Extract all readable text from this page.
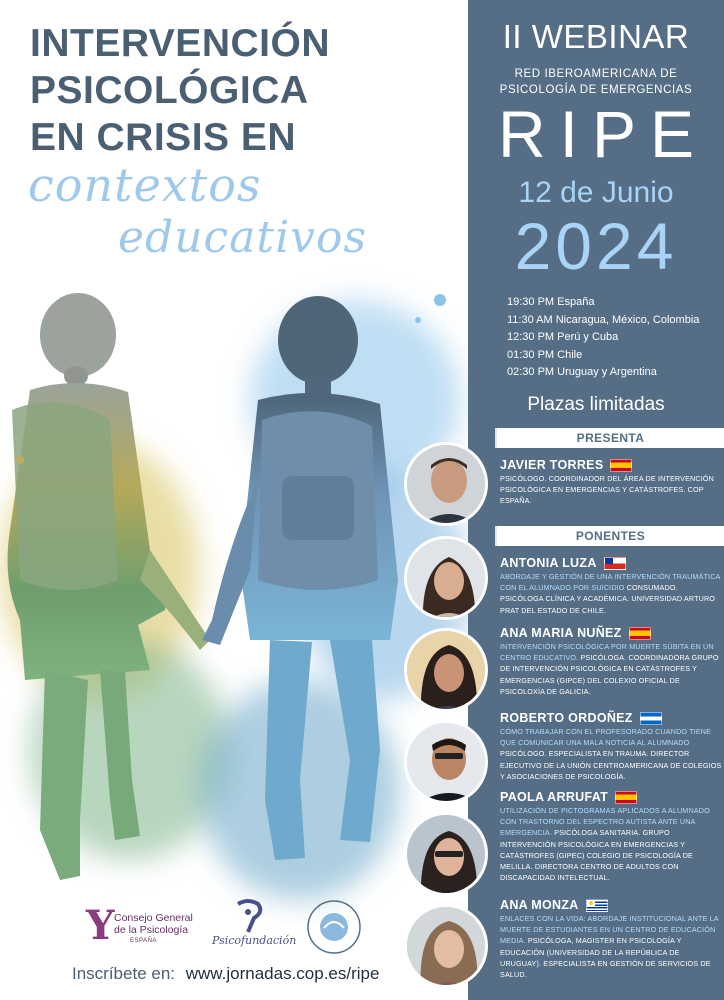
INTERVENCIÓN
PSICOLÓGICA
EN CRISIS EN
contextos
educativos
Y Consejo General
de la Psicología
ESPAÑA	Psicofundación
Inscríbete en: www.jornadas.cop.es/ripe
II WEBINAR
RED IBEROAMERICANA DE
PSICOLOGÍA DE EMERGENCIAS
RIPE
12 de Junio
2024
19:30 PM España
11:30 AM Nicaragua, México, Colombia
12:30 PM Perú y Cuba
01:30 PM Chile
02:30 PM Uruguay y Argentina
Plazas limitadas
PRESENTA
PONENTES
JAVIER TORRES
PSICÓLOGO. COORDINADOR DEL ÁREA DE INTERVENCIÓN PSICOLÓGICA EN EMERGENCIAS Y CATÁSTROFES. COP ESPAÑA.
ANTONIA LUZA
ABORDAJE Y GESTIÓN DE UNA INTERVENCIÓN TRAUMÁTICA CON EL ALUMNADO POR SUICIDIO CONSUMADO. PSICÓLOGA CLÍNICA Y ACADÉMICA. UNIVERSIDAD ARTURO PRAT DEL ESTADO DE CHILE.
ANA MARIA NUÑEZ
INTERVENCIÓN PSICOLÓGICA POR MUERTE SÚBITA EN UN CENTRO EDUCATIVO. PSICÓLOGA. COORDINADORA GRUPO DE INTERVENCIÓN PSICOLÓGICA EN CATÁSTROFES Y EMERGENCIAS (GIPCE) DEL COLEXIO OFICIAL DE PSICOLOXÍA DE GALICIA.
ROBERTO ORDOÑEZ
CÓMO TRABAJAR CON EL PROFESORADO CUANDO TIENE QUE COMUNICAR UNA MALA NOTICIA AL ALUMNADO PSICÓLOGO. ESPECIALISTA EN TRAUMA. DIRECTOR EJECUTIVO DE LA UNIÓN CENTROAMERICANA DE COLEGIOS Y ASOCIACIONES DE PSICOLOGÍA.
PAOLA ARRUFAT
UTILIZACIÓN DE PICTOGRAMAS APLICADOS A ALUMNADO CON TRASTORNO DEL ESPECTRO AUTISTA ANTE UNA EMERGENCIA. PSICÓLOGA SANITARIA. GRUPO INTERVENCIÓN PSICOLÓGICA EN EMERGENCIAS Y CATÁSTROFES (GIPEC) COLEGIO DE PSICOLOGÍA DE MELILLA. DIRECTORA CENTRO DE ADULTOS CON DISCAPACIDAD INTELECTUAL.
ANA MONZA
ENLACES CON LA VIDA: ABORDAJE INSTITUCIONAL ANTE LA MUERTE DE ESTUDIANTES EN UN CENTRO DE EDUCACIÓN MEDIA. PSICÓLOGA, MAGISTER EN PSICOLOGÍA Y EDUCACIÓN (UNIVERSIDAD DE LA REPÚBLICA DE URUGUAY). ESPECIALISTA EN GESTIÓN DE SERVICIOS DE SALUD.
